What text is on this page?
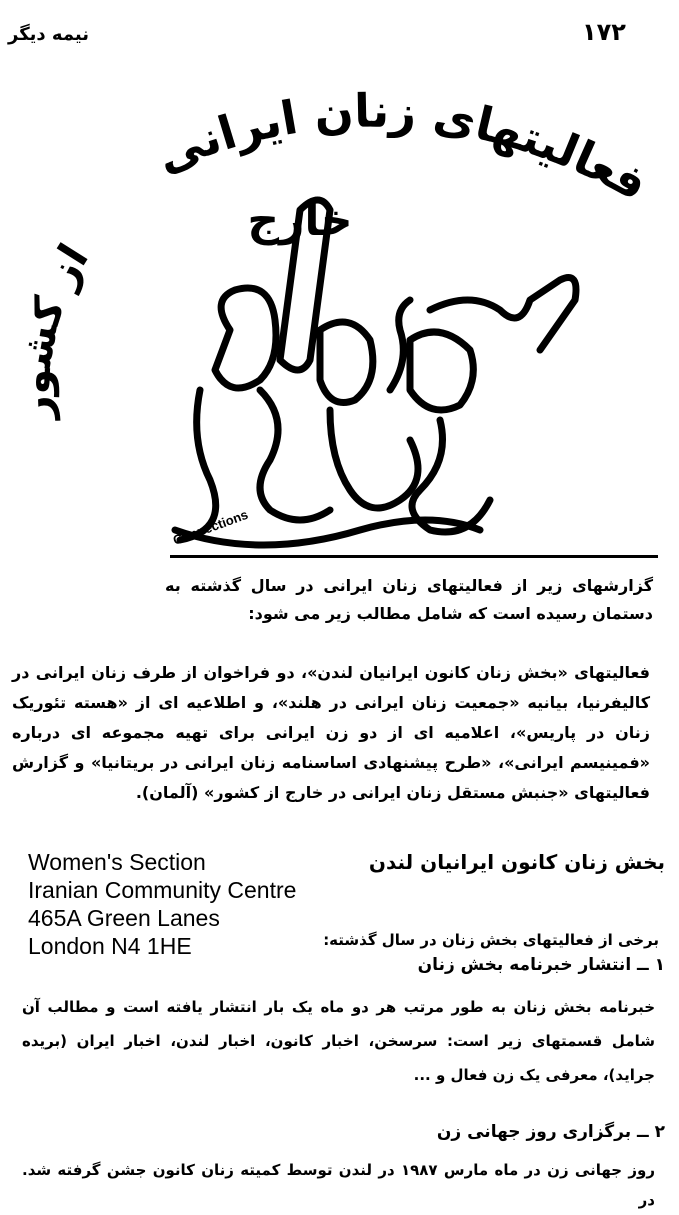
۱۷۲
نیمه دیگر
فعالیتهای زنان ایرانی
خارج
از کشور
Connections
گزارشهای زیر از فعالیتهای زنان ایرانی در سال گذشته به دستمان رسیده است که شامل مطالب زیر می شود:
فعالیتهای «بخش زنان کانون ایرانیان لندن»، دو فراخوان از طرف زنان ایرانی در کالیفرنیا، بیانیه «جمعیت زنان ایرانی در هلند»، و اطلاعیه ای از «هسته تئوریک زنان در پاریس»، اعلامیه ای از دو زن ایرانی برای تهیه مجموعه ای درباره «فمینیسم ایرانی»، «طرح پیشنهادی اساسنامه زنان ایرانی در بریتانیا» و گزارش فعالیتهای «جنبش مستقل زنان ایرانی در خارج از کشور» (آلمان).
Women's Section
Iranian Community Centre
465A Green Lanes
London N4 1HE
بخش زنان کانون ایرانیان لندن
برخی از فعالیتهای بخش زنان در سال گذشته:
۱ ــ انتشار خبرنامه بخش زنان
خبرنامه بخش زنان به طور مرتب هر دو ماه یک بار انتشار یافته است و مطالب آن شامل قسمتهای زیر است: سرسخن، اخبار کانون، اخبار لندن، اخبار ایران (بریده جراید)، معرفی یک زن فعال و ...
۲ ــ برگزاری روز جهانی زن
روز جهانی زن در ماه مارس ۱۹۸۷ در لندن توسط کمیته زنان کانون جشن گرفته شد. در
